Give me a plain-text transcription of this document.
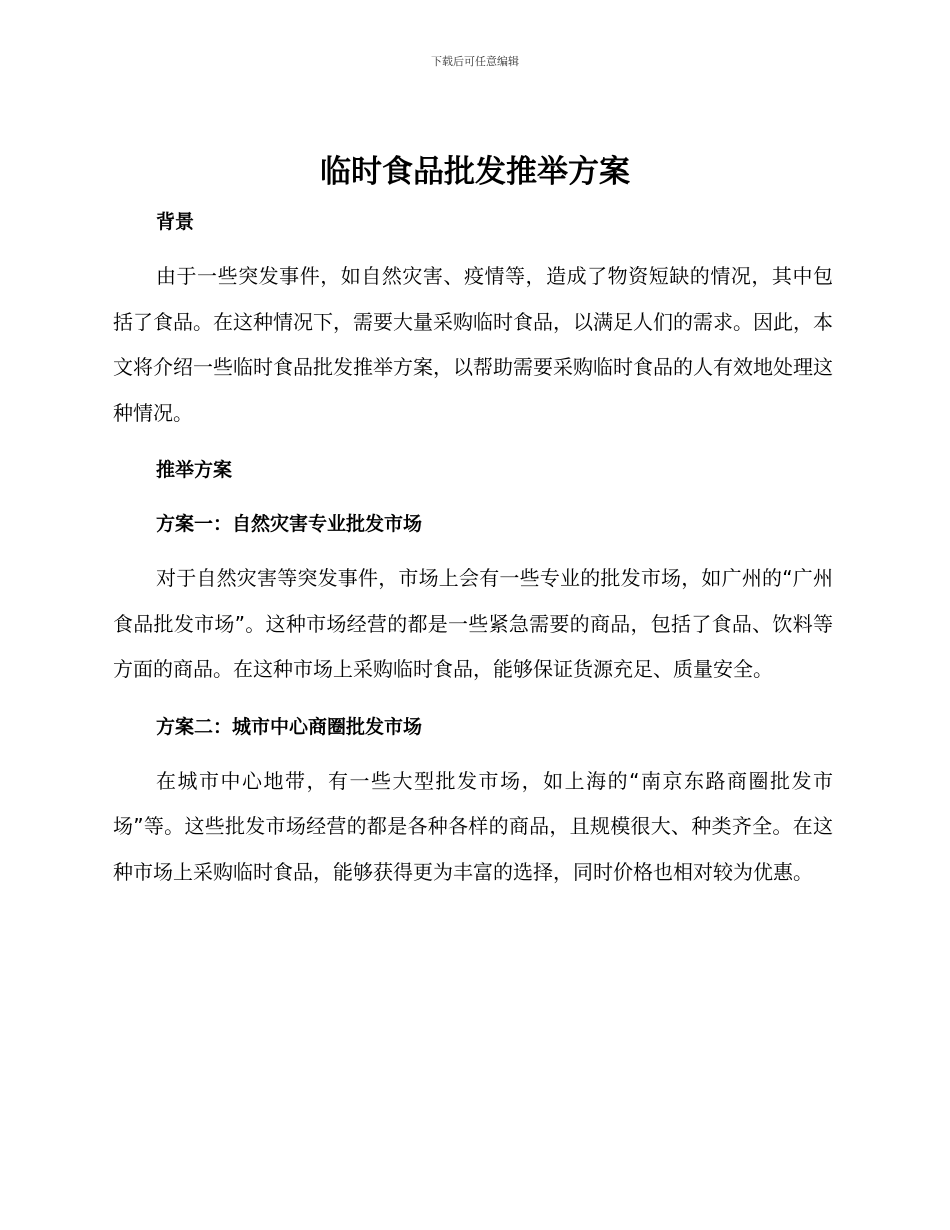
下载后可任意编辑
临时食品批发推举方案
背景

由于一些突发事件，如自然灾害、疫情等，造成了物资短缺的情况，其中包括了食品。在这种情况下，需要大量采购临时食品，以满足人们的需求。因此，本文将介绍一些临时食品批发推举方案，以帮助需要采购临时食品的人有效地处理这种情况。

推举方案
方案一：自然灾害专业批发市场

对于自然灾害等突发事件，市场上会有一些专业的批发市场，如广州的“广州食品批发市场”。这种市场经营的都是一些紧急需要的商品，包括了食品、饮料等方面的商品。在这种市场上采购临时食品，能够保证货源充足、质量安全。

方案二：城市中心商圈批发市场

在城市中心地带，有一些大型批发市场，如上海的“南京东路商圈批发市场”等。这些批发市场经营的都是各种各样的商品，且规模很大、种类齐全。在这种市场上采购临时食品，能够获得更为丰富的选择，同时价格也相对较为优惠。
